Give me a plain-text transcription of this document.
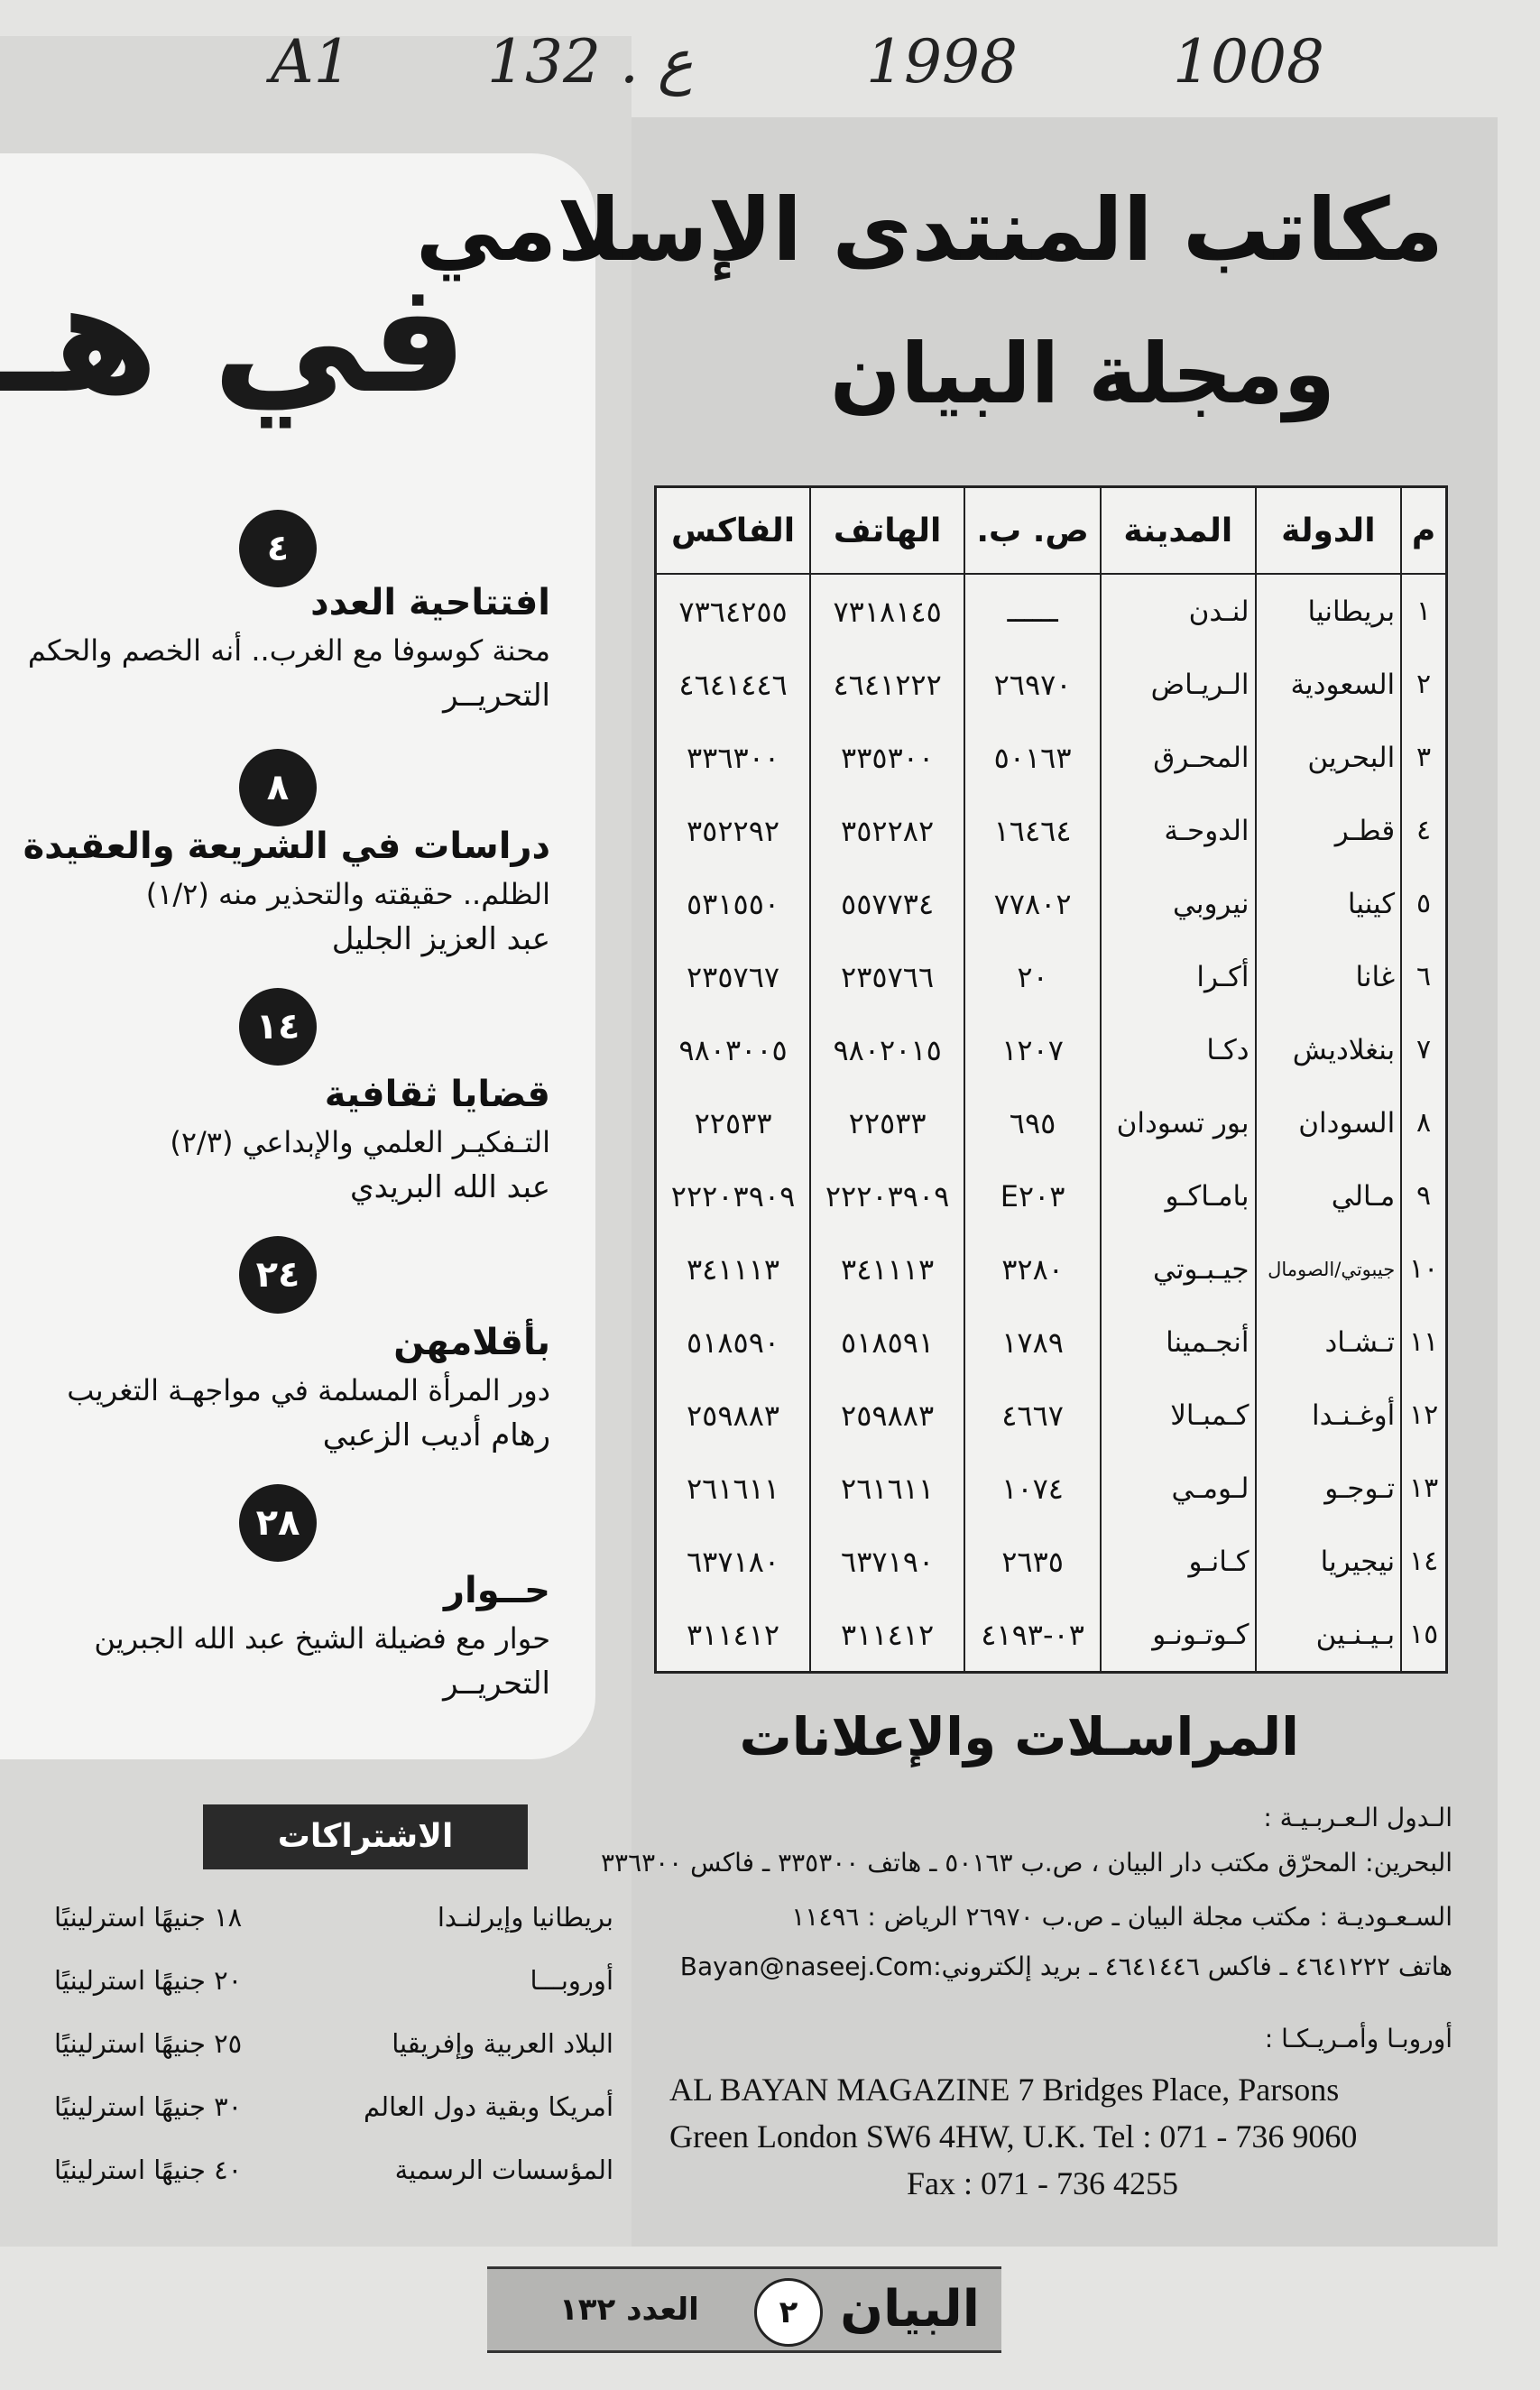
A1 132 . ع	1998	1008
في هـ
٤
افتتاحية العدد
محنة كوسوفا مع الغرب.. أنه الخصم والحكم
التحريــر
٨
دراسات في الشريعة والعقيدة
الظلم.. حقيقته والتحذير منه (١/٢)
عبد العزيز الجليل
١٤
قضايا ثقافية
التـفكيـر العلمي والإبداعي (٢/٣)
عبد الله البريدي
٢٤
بأقلامهن
دور المرأة المسلمة في مواجهـة التغريب
رهام أديب الزعبي
٢٨
حــوار
حوار مع فضيلة الشيخ عبد الله الجبرين
التحريــر
مكاتب المنتدى الإسلامي
ومجلة البيان
م	الدولة	المدينة	ص. ب.	الهاتف	الفاكس
١	بريطانيا	لنـدن	ــــــ	٧٣١٨١٤٥	٧٣٦٤٢٥٥
٢	السعودية	الـريـاض	٢٦٩٧٠	٤٦٤١٢٢٢	٤٦٤١٤٤٦
٣	البحرين	المحـرق	٥٠١٦٣	٣٣٥٣٠٠	٣٣٦٣٠٠
٤	قطـر	الدوحـة	١٦٤٦٤	٣٥٢٢٨٢	٣٥٢٢٩٢
٥	كينيا	نيروبي	٧٧٨٠٢	٥٥٧٧٣٤	٥٣١٥٥٠
٦	غانا	أكـرا	٢٠	٢٣٥٧٦٦	٢٣٥٧٦٧
٧	بنغلاديش	دكـا	١٢٠٧	٩٨٠٢٠١٥	٩٨٠٣٠٠٥
٨	السودان	بور تسودان	٦٩٥	٢٢٥٣٣	٢٢٥٣٣
٩	مـالي	بامـاكـو	E٢٠٣	٢٢٢٠٣٩٠٩	٢٢٢٠٣٩٠٩
١٠	جيبوتي/الصومال	جيـبـوتي	٣٢٨٠	٣٤١١١٣	٣٤١١١٣
١١	تـشـاد	أنجـمينا	١٧٨٩	٥١٨٥٩١	٥١٨٥٩٠
١٢	أوغـنـدا	كـمبـالا	٤٦٦٧	٢٥٩٨٨٣	٢٥٩٨٨٣
١٣	تـوجـو	لـومـي	١٠٧٤	٢٦١٦١١	٢٦١٦١١
١٤	نيجيريا	كـانـو	٢٦٣٥	٦٣٧١٩٠	٦٣٧١٨٠
١٥	بـيـنـين	كـوتـونـو	٠٣-٤١٩٣	٣١١٤١٢	٣١١٤١٢
المراسـلات والإعلانات
الـدول الـعـربـيـة :
البحرين: المحرّق مكتب دار البيان ، ص.ب ٥٠١٦٣ ـ هاتف ٣٣٥٣٠٠ ـ فاكس ٣٣٦٣٠٠
السـعـوديـة : مكتب مجلة البيان ـ ص.ب ٢٦٩٧٠ الرياض : ١١٤٩٦
هاتف ٤٦٤١٢٢٢ ـ فاكس ٤٦٤١٤٤٦ ـ بريد إلكتروني:Bayan@naseej.Com
أوروبـا وأمـريـكـا :
AL BAYAN MAGAZINE 7 Bridges Place, Parsons
Green London SW6 4HW, U.K. Tel : 071 - 736 9060
Fax : 071 - 736 4255
الاشتراكات
بريطانيا وإيرلنـدا
١٨ جنيهًا استرلينيًا
أوروبـــا
٢٠ جنيهًا استرلينيًا
البلاد العربية وإفريقيا
٢٥ جنيهًا استرلينيًا
أمريكا وبقية دول العالم
٣٠ جنيهًا استرلينيًا
المؤسسات الرسمية
٤٠ جنيهًا استرلينيًا
البيان
٢
العدد ١٣٢
